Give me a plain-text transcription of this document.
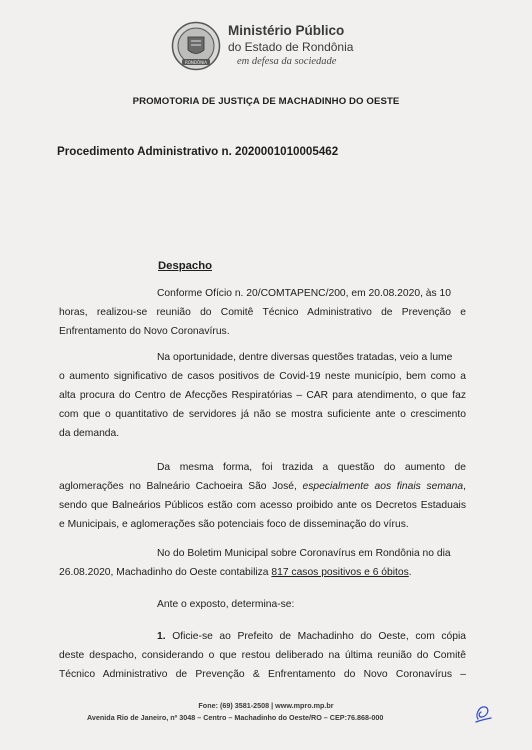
RONDÔNIA
Ministério Público
do Estado de Rondônia
em defesa da sociedade
PROMOTORIA DE JUSTIÇA DE MACHADINHO DO OESTE
Procedimento Administrativo n. 2020001010005462
Despacho
Conforme Ofício n. 20/COMTAPENC/200, em 20.08.2020, às 10
horas, realizou-se reunião do Comitê Técnico Administrativo de Prevenção e
Enfrentamento do Novo Coronavírus.
Na oportunidade, dentre diversas questões tratadas, veio a lume
o aumento significativo de casos positivos de Covid-19 neste município, bem como a
alta procura do Centro de Afecções Respiratórias – CAR para atendimento, o que faz
com que o quantitativo de servidores já não se mostra suficiente ante o crescimento
da demanda.
Da mesma forma, foi trazida a questão do aumento de
aglomerações no Balneário Cachoeira São José, especialmente aos finais semana,
sendo que Balneários Públicos estão com acesso proibido ante os Decretos Estaduais
e Municipais, e aglomerações são potenciais foco de disseminação do vírus.
No do Boletim Municipal sobre Coronavírus em Rondônia no dia
26.08.2020, Machadinho do Oeste contabiliza 817 casos positivos e 6 óbitos.
Ante o exposto, determina-se:
1. Oficie-se ao Prefeito de Machadinho do Oeste, com cópia
deste despacho, considerando o que restou deliberado na última reunião do Comitê
Técnico Administrativo de Prevenção & Enfrentamento do Novo Coronavírus –
Fone: (69) 3581-2508 | www.mpro.mp.br
Avenida Rio de Janeiro, nº 3048 – Centro – Machadinho do Oeste/RO – CEP:76.868-000
